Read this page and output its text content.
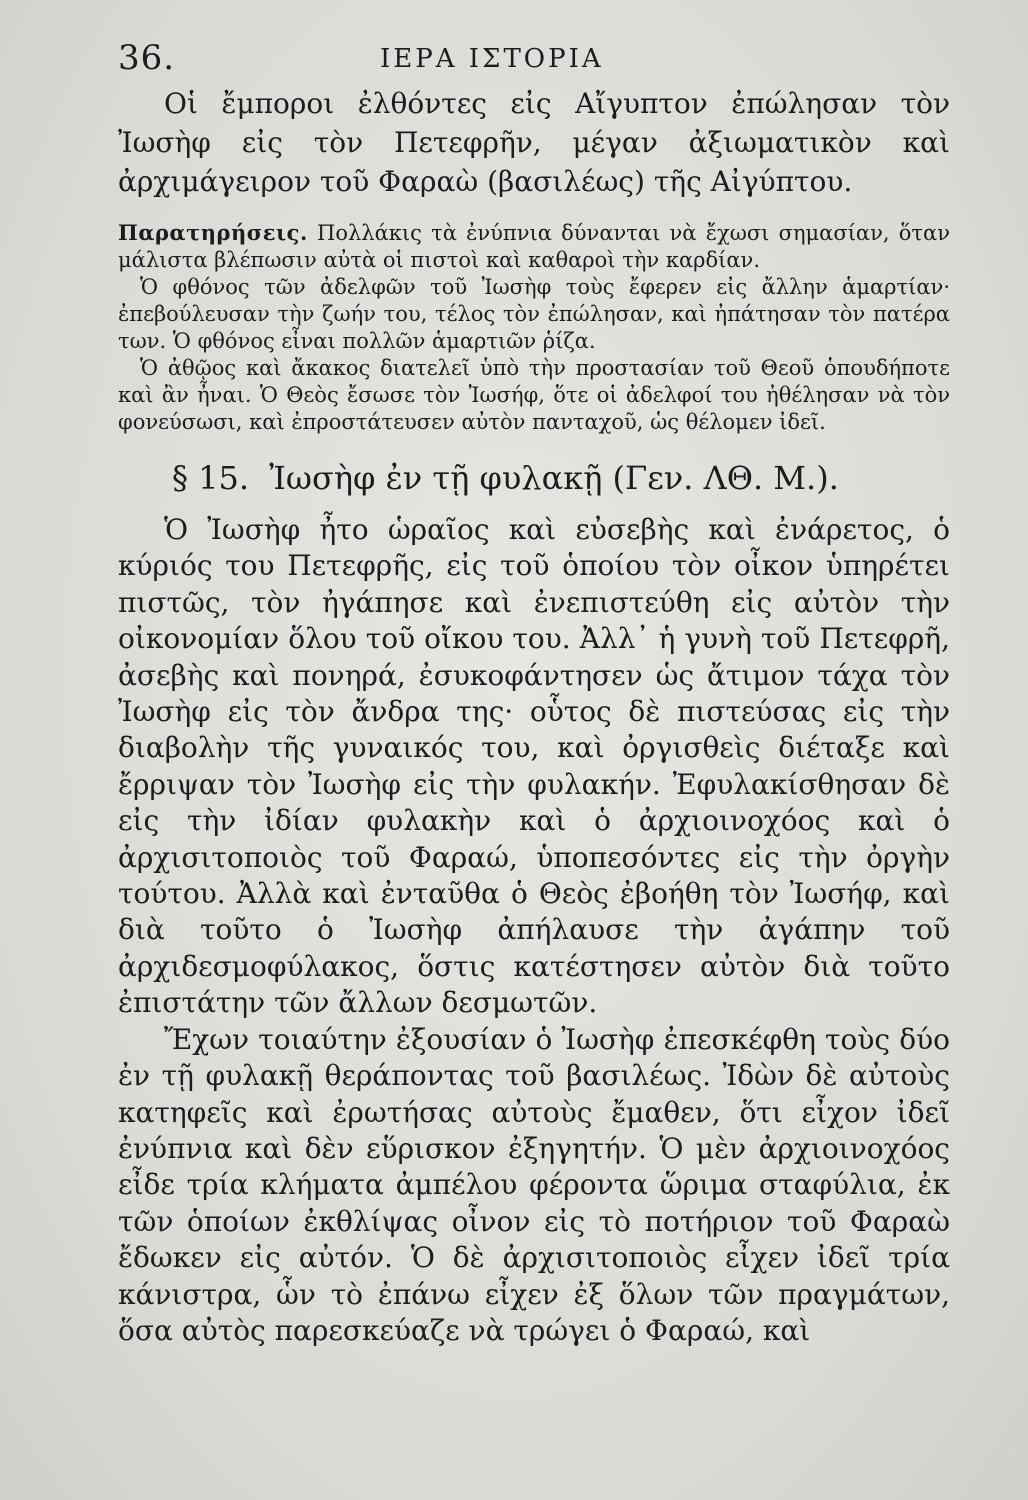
36.	ΙΕΡΑ ΙΣΤΟΡΙΑ

Οἱ ἔμποροι ἐλθόντες εἰς Αἴγυπτον ἐπώλησαν τὸν Ἰωσὴφ εἰς τὸν Πετεφρῆν, μέγαν ἀξιωματικὸν καὶ ἀρχιμάγειρον τοῦ Φαραὼ (βασιλέως) τῆς Αἰγύπτου.

Παρατηρήσεις. Πολλάκις τὰ ἐνύπνια δύνανται νὰ ἔχωσι σημασίαν, ὅταν μάλιστα βλέπωσιν αὐτὰ οἱ πιστοὶ καὶ καθαροὶ τὴν καρδίαν.

Ὁ φθόνος τῶν ἀδελφῶν τοῦ Ἰωσὴφ τοὺς ἔφερεν εἰς ἄλλην ἁμαρτίαν· ἐπεβούλευσαν τὴν ζωήν του, τέλος τὸν ἐπώλησαν, καὶ ἠπάτησαν τὸν πατέρα των. Ὁ φθόνος εἶναι πολλῶν ἁμαρτιῶν ῥίζα.

Ὁ ἀθῷος καὶ ἄκακος διατελεῖ ὑπὸ τὴν προστασίαν τοῦ Θεοῦ ὁπουδήποτε καὶ ἂν ἦναι. Ὁ Θεὸς ἔσωσε τὸν Ἰωσήφ, ὅτε οἱ ἀδελφοί του ἠθέλησαν νὰ τὸν φονεύσωσι, καὶ ἐπροστάτευσεν αὐτὸν πανταχοῦ, ὡς θέλομεν ἰδεῖ.

§ 15. Ἰωσὴφ ἐν τῇ φυλακῇ (Γεν. ΛΘ. Μ.).

Ὁ Ἰωσὴφ ἦτο ὡραῖος καὶ εὐσεβὴς καὶ ἐνάρετος, ὁ κύριός του Πετεφρῆς, εἰς τοῦ ὁποίου τὸν οἶκον ὑπηρέτει πιστῶς, τὸν ἠγάπησε καὶ ἐνεπιστεύθη εἰς αὐτὸν τὴν οἰκονομίαν ὅλου τοῦ οἴκου του. Ἀλλ᾽ ἡ γυνὴ τοῦ Πετεφρῆ, ἀσεβὴς καὶ πονηρά, ἐσυκοφάντησεν ὡς ἄτιμον τάχα τὸν Ἰωσὴφ εἰς τὸν ἄνδρα της· οὗτος δὲ πιστεύσας εἰς τὴν διαβολὴν τῆς γυναικός του, καὶ ὀργισθεὶς διέταξε καὶ ἔρριψαν τὸν Ἰωσὴφ εἰς τὴν φυλακήν. Ἐφυλακίσθησαν δὲ εἰς τὴν ἰδίαν φυλακὴν καὶ ὁ ἀρχιοινοχόος καὶ ὁ ἀρχισιτοποιὸς τοῦ Φαραώ, ὑποπεσόντες εἰς τὴν ὀργὴν τούτου. Ἀλλὰ καὶ ἐνταῦθα ὁ Θεὸς ἐβοήθη τὸν Ἰωσήφ, καὶ διὰ τοῦτο ὁ Ἰωσὴφ ἀπήλαυσε τὴν ἀγάπην τοῦ ἀρχιδεσμοφύλακος, ὅστις κατέστησεν αὐτὸν διὰ τοῦτο ἐπιστάτην τῶν ἄλλων δεσμωτῶν.

Ἔχων τοιαύτην ἐξουσίαν ὁ Ἰωσὴφ ἐπεσκέφθη τοὺς δύο ἐν τῇ φυλακῇ θεράποντας τοῦ βασιλέως. Ἰδὼν δὲ αὐτοὺς κατηφεῖς καὶ ἐρωτήσας αὐτοὺς ἔμαθεν, ὅτι εἶχον ἰδεῖ ἐνύπνια καὶ δὲν εὕρισκον ἐξηγητήν. Ὁ μὲν ἀρχιοινοχόος εἶδε τρία κλήματα ἀμπέλου φέροντα ὥριμα σταφύλια, ἐκ τῶν ὁποίων ἐκθλίψας οἶνον εἰς τὸ ποτήριον τοῦ Φαραὼ ἔδωκεν εἰς αὐτόν. Ὁ δὲ ἀρχισιτοποιὸς εἶχεν ἰδεῖ τρία κάνιστρα, ὧν τὸ ἐπάνω εἶχεν ἐξ ὅλων τῶν πραγμάτων, ὅσα αὐτὸς παρεσκεύαζε νὰ τρώγει ὁ Φαραώ, καὶ
